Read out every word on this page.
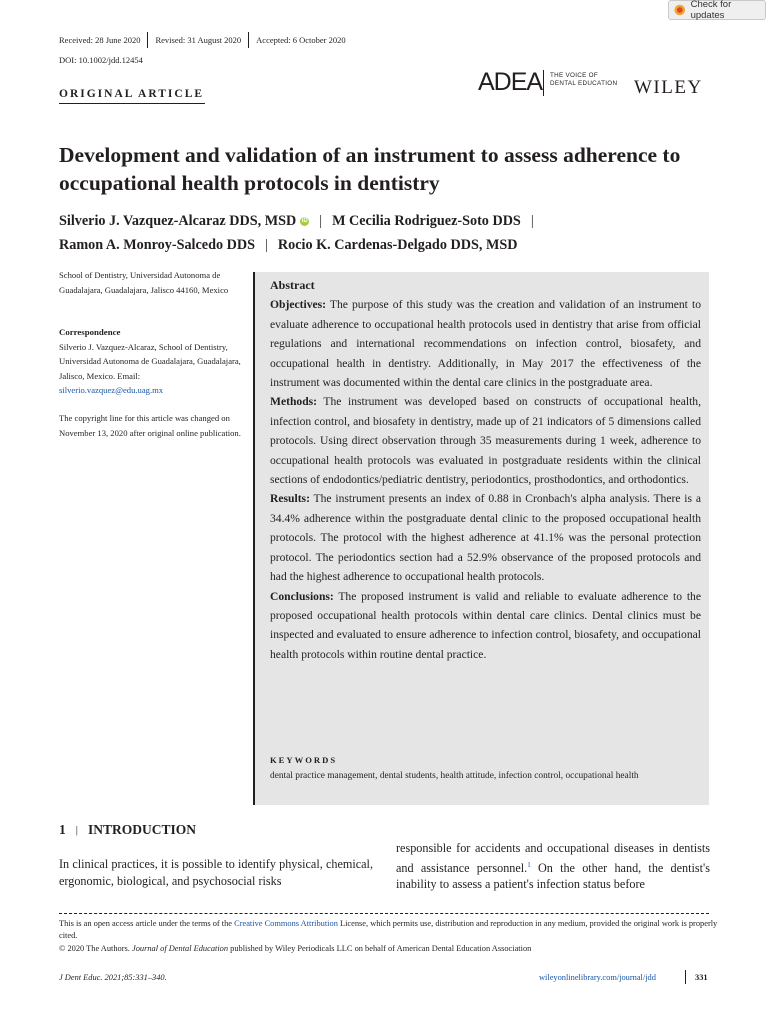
Check for updates
Received: 28 June 2020 Revised: 31 August 2020 Accepted: 6 October 2020
DOI: 10.1002/jdd.12454
ORIGINAL ARTICLE	ADEA THE VOICE OF
DENTAL EDUCATION WILEY
Development and validation of an instrument to assess adherence to occupational health protocols in dentistry
Silverio J. Vazquez-Alcaraz DDS, MSD iD | M Cecilia Rodriguez-Soto DDS |
Ramon A. Monroy-Salcedo DDS | Rocio K. Cardenas-Delgado DDS, MSD
School of Dentistry, Universidad Autonoma de Guadalajara, Guadalajara, Jalisco 44160, Mexico
Correspondence
Silverio J. Vazquez-Alcaraz, School of Dentistry, Universidad Autonoma de Guadalajara, Guadalajara, Jalisco, Mexico. Email: silverio.vazquez@edu.uag.mx
The copyright line for this article was changed on November 13, 2020 after original online publication.

Abstract

Objectives: The purpose of this study was the creation and validation of an instrument to evaluate adherence to occupational health protocols used in dentistry that arise from official regulations and international recommendations on infection control, biosafety, and occupational health in dentistry. Additionally, in May 2017 the effectiveness of the instrument was documented within the dental care clinics in the postgraduate area.

Methods: The instrument was developed based on constructs of occupational health, infection control, and biosafety in dentistry, made up of 21 indicators of 5 dimensions called protocols. Using direct observation through 35 measurements during 1 week, adherence to occupational health protocols was evaluated in postgraduate residents within the clinical sections of endodontics/pediatric dentistry, periodontics, prosthodontics, and orthodontics.

Results: The instrument presents an index of 0.88 in Cronbach's alpha analysis. There is a 34.4% adherence within the postgraduate dental clinic to the proposed occupational health protocols. The protocol with the highest adherence at 41.1% was the personal protection protocol. The periodontics section had a 52.9% observance of the proposed protocols and had the highest adherence to occupational health protocols.

Conclusions: The proposed instrument is valid and reliable to evaluate adherence to the proposed occupational health protocols within dental care clinics. Dental clinics must be inspected and evaluated to ensure adherence to infection control, biosafety, and occupational health protocols within routine dental practice.

KEYWORDS
dental practice management, dental students, health attitude, infection control, occupational health
1 | INTRODUCTION
In clinical practices, it is possible to identify physical, chemical, ergonomic, biological, and psychosocial risks
responsible for accidents and occupational diseases in dentists and assistance personnel.$^1$ On the other hand, the dentist's inability to assess a patient's infection status before
This is an open access article under the terms of the Creative Commons Attribution License, which permits use, distribution and reproduction in any medium, provided the original work is properly cited.
© 2020 The Authors. Journal of Dental Education published by Wiley Periodicals LLC on behalf of American Dental Education Association
J Dent Educ. 2021;85:331–340.	wileyonlinelibrary.com/journal/jdd	331
